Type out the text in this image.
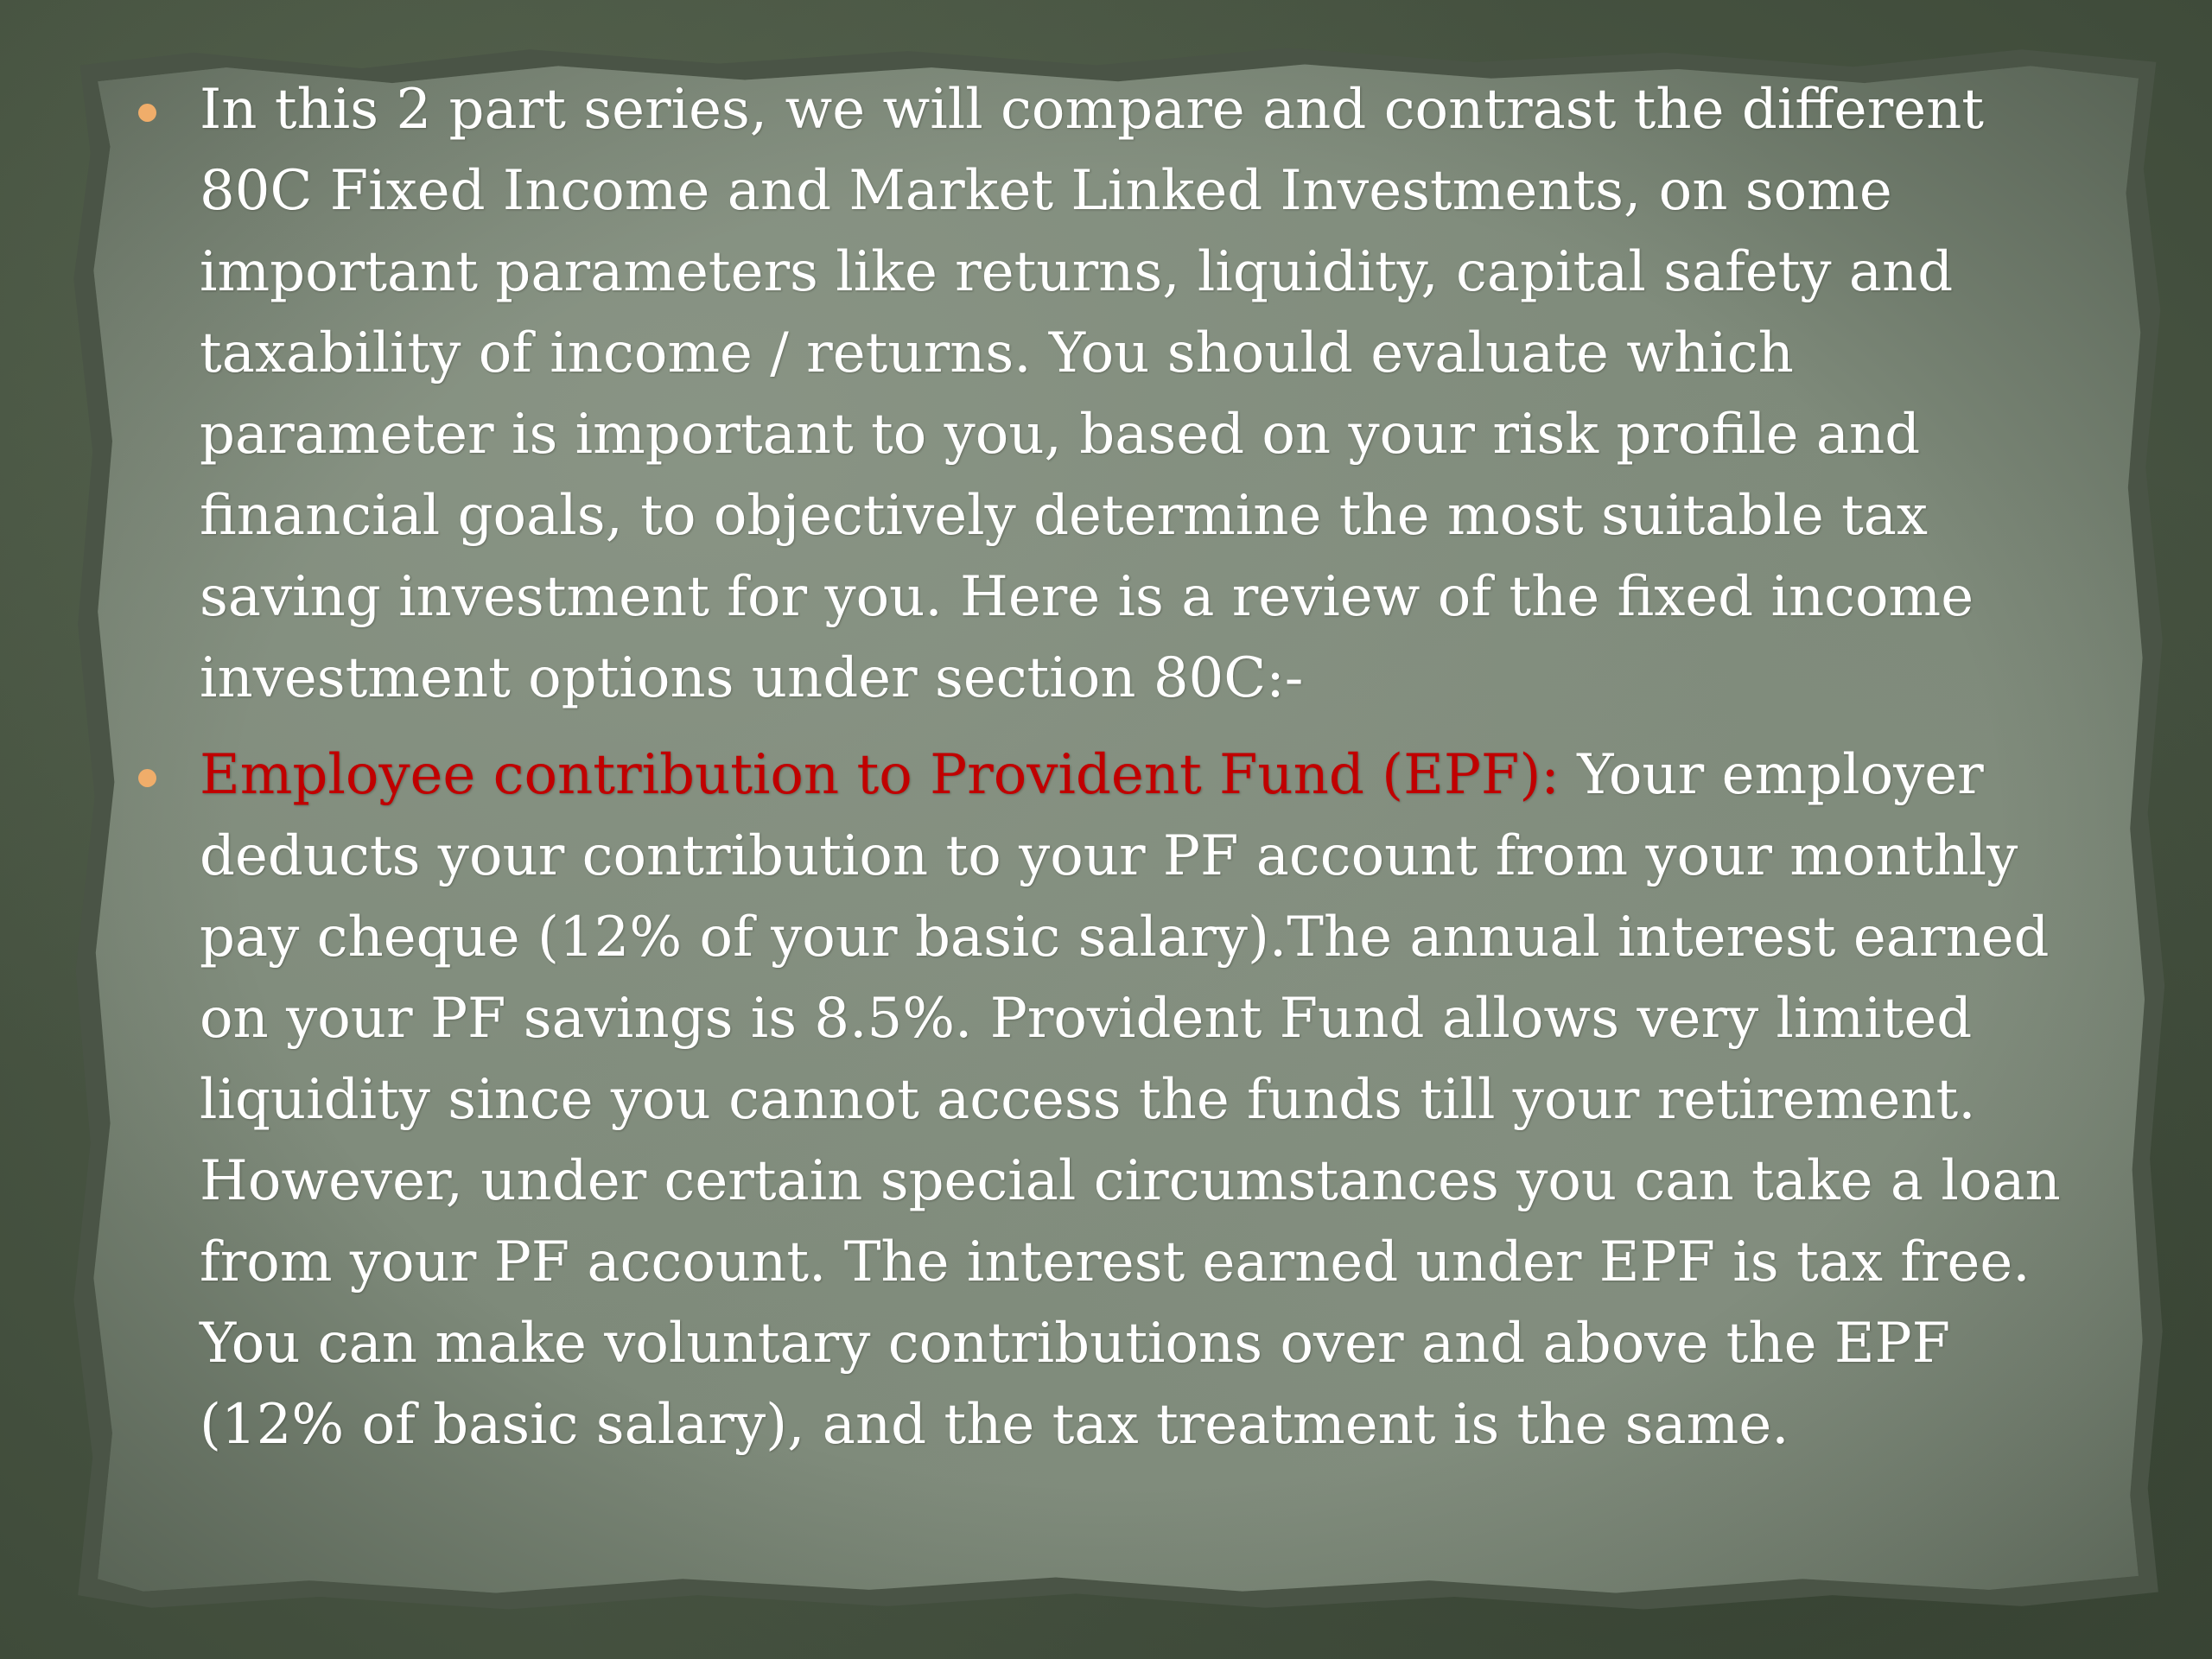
In this 2 part series, we will compare and contrast the different 80C Fixed Income and Market Linked Investments, on some important parameters like returns, liquidity, capital safety and taxability of income / returns. You should evaluate which parameter is important to you, based on your risk profile and financial goals, to objectively determine the most suitable tax saving investment for you. Here is a review of the fixed income investment options under section 80C:-
Employee contribution to Provident Fund (EPF): Your employer deducts your contribution to your PF account from your monthly pay cheque (12% of your basic salary).The annual interest earned on your PF savings is 8.5%. Provident Fund allows very limited liquidity since you cannot access the funds till your retirement. However, under certain special circumstances you can take a loan from your PF account. The interest earned under EPF is tax free. You can make voluntary contributions over and above the EPF (12% of basic salary), and the tax treatment is the same.
